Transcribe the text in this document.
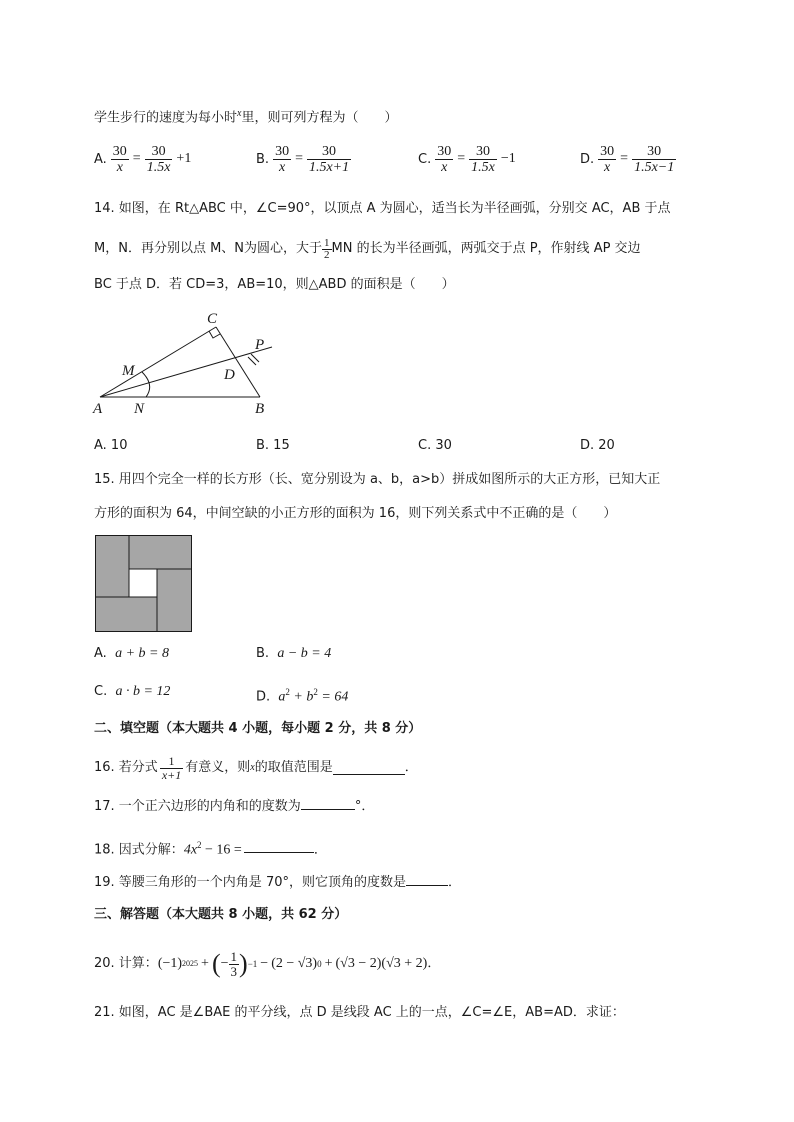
学生步行的速度为每小时$^x$里，则可列方程为（　　）
A. $\frac{30}{x} = \frac{30}{1.5x} +1$	B. $\frac{30}{x} = \frac{30}{1.5x+1}$	C. $\frac{30}{x} = \frac{30}{1.5x} -1$	D. $\frac{30}{x} = \frac{30}{1.5x-1}$
14. 如图，在 Rt△ABC 中，∠C=90°，以顶点 A 为圆心，适当长为半径画弧，分别交 AC，AB 于点
M，N．再分别以点 M、N为圆心，大于 $\frac{1}{2}$ MN 的长为半径画弧，两弧交于点 P，作射线 AP 交边
BC 于点 D．若 CD=3，AB=10，则△ABD 的面积是（　　）
A	B
C
M
N
P
D
A. 10	B. 15	C. 30	D. 20
15. 用四个完全一样的长方形（长、宽分别设为 a、b，a>b）拼成如图所示的大正方形，已知大正
方形的面积为 64，中间空缺的小正方形的面积为 16，则下列关系式中不正确的是（　　）
A. a + b = 8	B. a − b = 4
C. a · b = 12	D. $a^2 + b^2 = 64$
二、填空题（本大题共 4 小题，每小题 2 分，共 8 分）
16. 若分式 $\frac{1}{x+1}$ 有意义，则 x 的取值范围是	．
17. 一个正六边形的内角和的度数为	°．
18. 因式分解：$4x^2 - 16$ =	．
19. 等腰三角形的一个内角是 70°，则它顶角的度数是	．
三、解答题（本大题共 8 小题，共 62 分）
20. 计算： (−1) 2025 + ( − $\frac{1}{3}$ ) −1 − (2 − √3) 0 + (√3 − 2)(√3 + 2) ．
21. 如图，AC 是∠BAE 的平分线，点 D 是线段 AC 上的一点，∠C=∠E，AB=AD．求证：
